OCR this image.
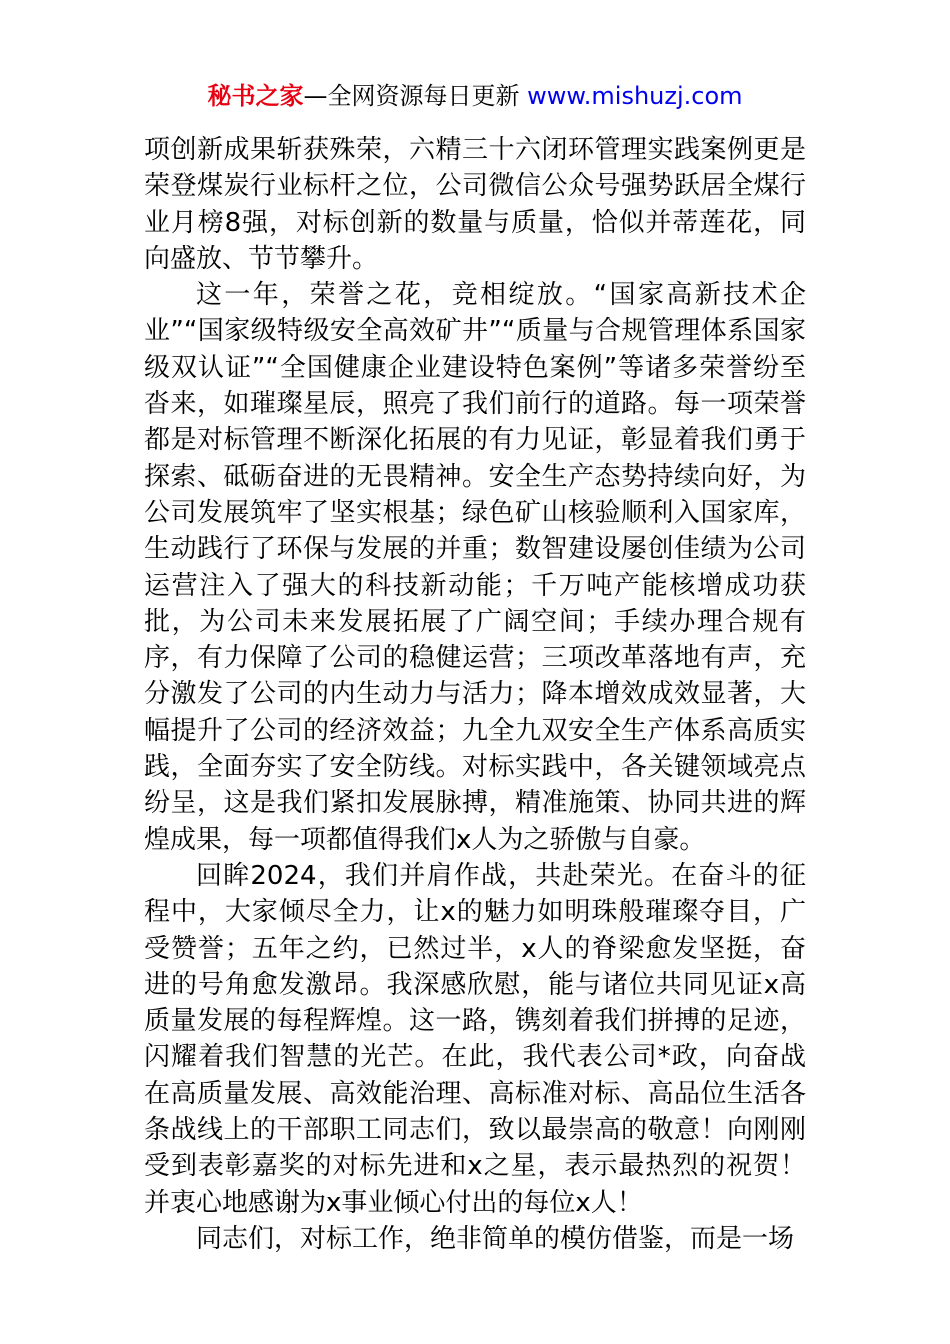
秘书之家—全网资源每日更新 www.mishuzj.com

项创新成果斩获殊荣，六精三十六闭环管理实践案例更是荣登煤炭行业标杆之位，公司微信公众号强势跃居全煤行业月榜8强，对标创新的数量与质量，恰似并蒂莲花，同向盛放、节节攀升。

这一年，荣誉之花，竞相绽放。“国家高新技术企业”“国家级特级安全高效矿井”“质量与合规管理体系国家级双认证”“全国健康企业建设特色案例”等诸多荣誉纷至沓来，如璀璨星辰，照亮了我们前行的道路。每一项荣誉都是对标管理不断深化拓展的有力见证，彰显着我们勇于探索、砥砺奋进的无畏精神。安全生产态势持续向好，为公司发展筑牢了坚实根基；绿色矿山核验顺利入国家库，生动践行了环保与发展的并重；数智建设屡创佳绩为公司运营注入了强大的科技新动能；千万吨产能核增成功获批，为公司未来发展拓展了广阔空间；手续办理合规有序，有力保障了公司的稳健运营；三项改革落地有声，充分激发了公司的内生动力与活力；降本增效成效显著，大幅提升了公司的经济效益；九全九双安全生产体系高质实践，全面夯实了安全防线。对标实践中，各关键领域亮点纷呈，这是我们紧扣发展脉搏，精准施策、协同共进的辉煌成果，每一项都值得我们x人为之骄傲与自豪。

回眸2024，我们并肩作战，共赴荣光。在奋斗的征程中，大家倾尽全力，让x的魅力如明珠般璀璨夺目，广受赞誉；五年之约，已然过半，x人的脊梁愈发坚挺，奋进的号角愈发激昂。我深感欣慰，能与诸位共同见证x高质量发展的每程辉煌。这一路，镌刻着我们拼搏的足迹，闪耀着我们智慧的光芒。在此，我代表公司*政，向奋战在高质量发展、高效能治理、高标准对标、高品位生活各条战线上的干部职工同志们，致以最崇高的敬意！向刚刚受到表彰嘉奖的对标先进和x之星，表示最热烈的祝贺！并衷心地感谢为x事业倾心付出的每位x人！

同志们，对标工作，绝非简单的模仿借鉴，而是一场
